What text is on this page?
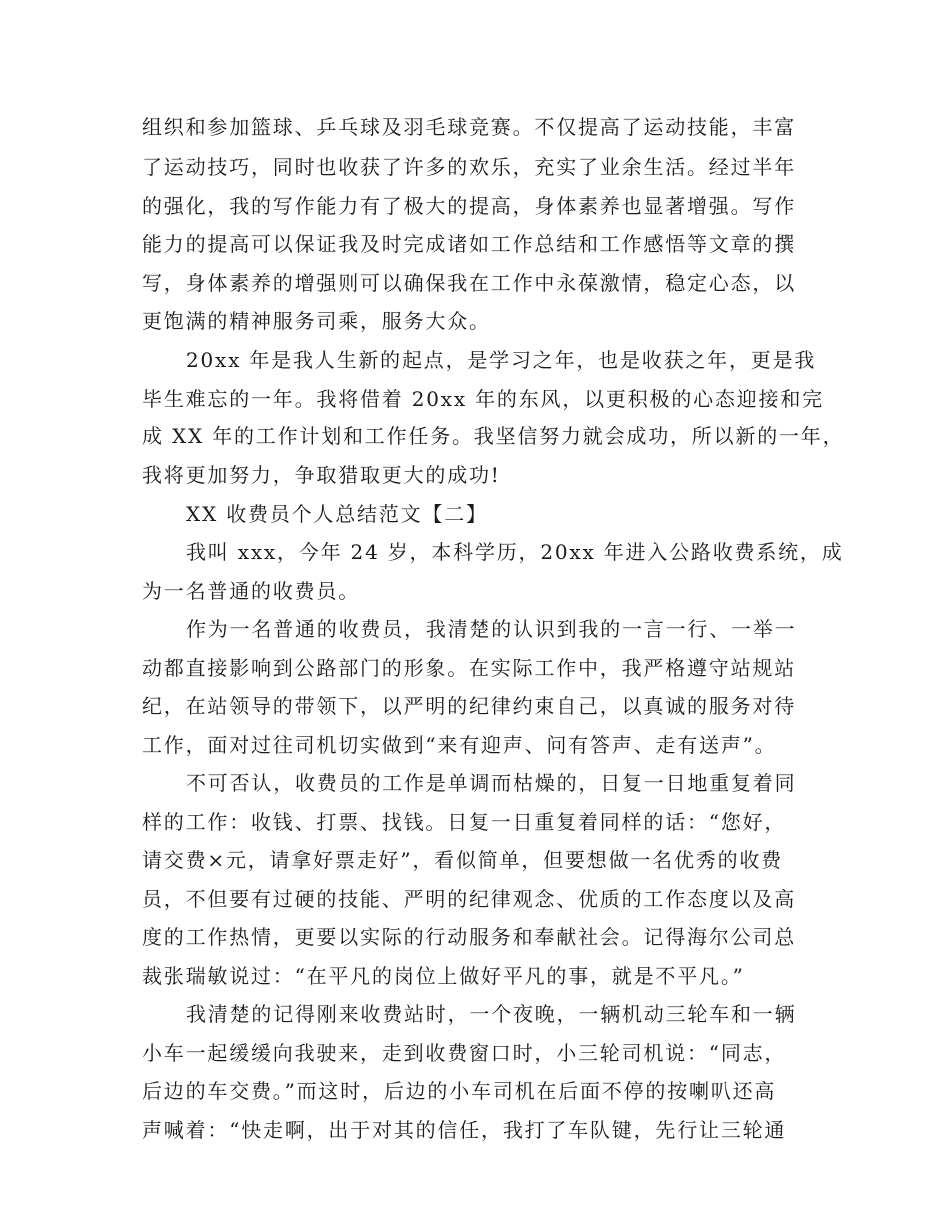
组织和参加篮球、乒乓球及羽毛球竞赛。不仅提高了运动技能，丰富
了运动技巧，同时也收获了许多的欢乐，充实了业余生活。经过半年
的强化，我的写作能力有了极大的提高，身体素养也显著增强。写作
能力的提高可以保证我及时完成诸如工作总结和工作感悟等文章的撰
写，身体素养的增强则可以确保我在工作中永葆激情，稳定心态，以
更饱满的精神服务司乘，服务大众。
20xx 年是我人生新的起点，是学习之年，也是收获之年，更是我
毕生难忘的一年。我将借着 20xx 年的东风，以更积极的心态迎接和完
成 XX 年的工作计划和工作任务。我坚信努力就会成功，所以新的一年，
我将更加努力，争取猎取更大的成功!
XX 收费员个人总结范文【二】
我叫 xxx，今年 24 岁，本科学历，20xx 年进入公路收费系统，成
为一名普通的收费员。
作为一名普通的收费员，我清楚的认识到我的一言一行、一举一
动都直接影响到公路部门的形象。在实际工作中，我严格遵守站规站
纪，在站领导的带领下，以严明的纪律约束自己，以真诚的服务对待
工作，面对过往司机切实做到“来有迎声、问有答声、走有送声”。
不可否认，收费员的工作是单调而枯燥的，日复一日地重复着同
样的工作：收钱、打票、找钱。日复一日重复着同样的话：“您好，
请交费×元，请拿好票走好”，看似简单，但要想做一名优秀的收费
员，不但要有过硬的技能、严明的纪律观念、优质的工作态度以及高
度的工作热情，更要以实际的行动服务和奉献社会。记得海尔公司总
裁张瑞敏说过：“在平凡的岗位上做好平凡的事，就是不平凡。”
我清楚的记得刚来收费站时，一个夜晚，一辆机动三轮车和一辆
小车一起缓缓向我驶来，走到收费窗口时，小三轮司机说：“同志，
后边的车交费。”而这时，后边的小车司机在后面不停的按喇叭还高
声喊着：“快走啊，出于对其的信任，我打了车队键，先行让三轮通
